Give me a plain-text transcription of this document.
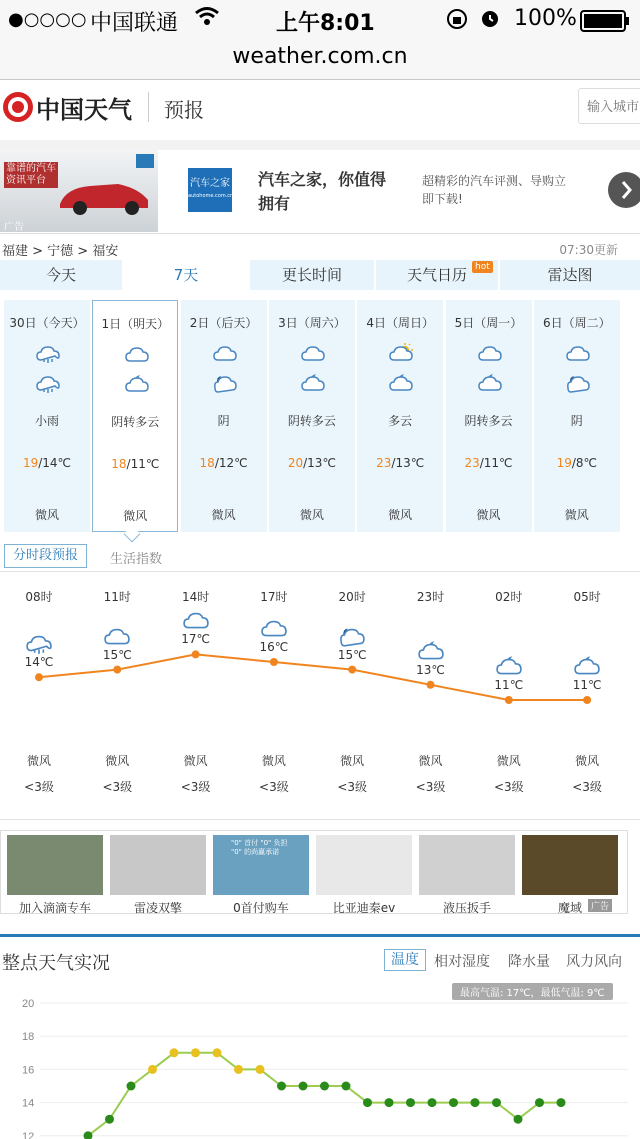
●○○○○ 中国联通	上午8:01	100%
weather.com.cn
中国天气 预报
输入城市
靠谱的汽车
资讯平台
广告
汽车之家
autohome.com.cn
汽车之家，你值得拥有
超精彩的汽车评测、导购立即下载!
福建 > 宁德 > 福安	07:30更新
今天	7天	更长时间	天气日历 hot	雷达图
30日（今天）
小雨
19/14℃
微风
1日（明天）
阴转多云
18/11℃
微风
2日（后天）
阴
18/12℃
微风
3日（周六）
阴转多云
20/13℃
微风
4日（周日）
多云
23/13℃
微风
5日（周一）
阴转多云
23/11℃
微风
6日（周二）
阴
19/8℃
微风
分时段预报	生活指数
08时
14℃
微风
<3级
11时
15℃
微风
<3级
14时
17℃
微风
<3级
17时
16℃
微风
<3级
20时
15℃
微风
<3级
23时
13℃
微风
<3级
02时
11℃
微风
<3级
05时
11℃
微风
<3级
加入滴滴专车	雷凌双擎
"0" 首付 "0" 负担
"0" 的尚赢承诺
0首付购车	比亚迪秦ev	液压扳手	魔域	广告
整点天气实况	温度	相对湿度 降水量 风力风向
最高气温: 17℃，最低气温: 9℃
20
18
16
14
12
